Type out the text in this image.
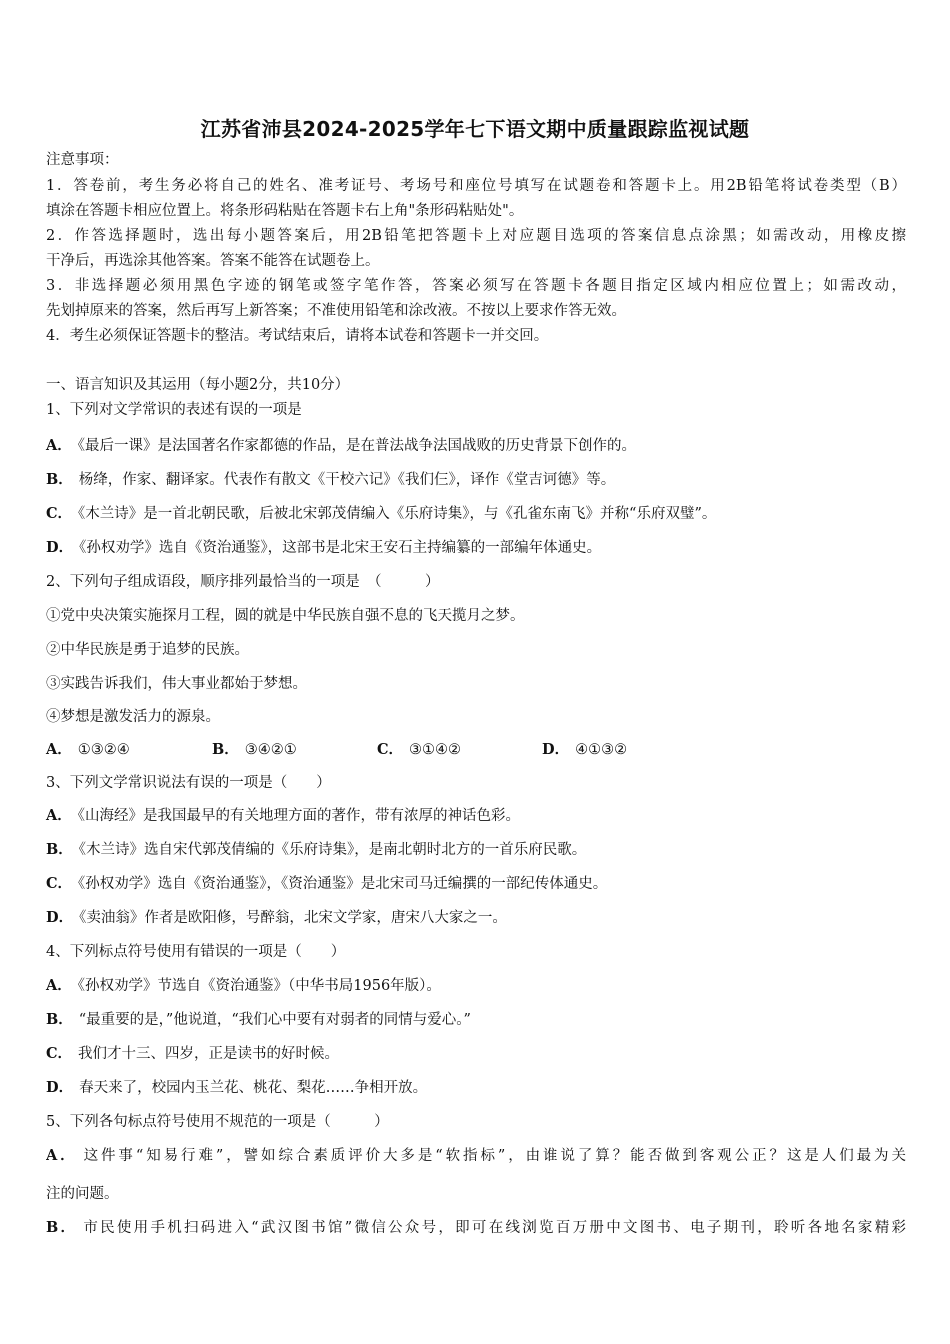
江苏省沛县2024-2025学年七下语文期中质量跟踪监视试题
注意事项：
1．答卷前，考生务必将自己的姓名、准考证号、考场号和座位号填写在试题卷和答题卡上。用2B铅笔将试卷类型（B）
填涂在答题卡相应位置上。将条形码粘贴在答题卡右上角"条形码粘贴处"。
2．作答选择题时，选出每小题答案后，用2B铅笔把答题卡上对应题目选项的答案信息点涂黑；如需改动，用橡皮擦
干净后，再选涂其他答案。答案不能答在试题卷上。
3．非选择题必须用黑色字迹的钢笔或签字笔作答，答案必须写在答题卡各题目指定区域内相应位置上；如需改动，
先划掉原来的答案，然后再写上新答案；不准使用铅笔和涂改液。不按以上要求作答无效。
4．考生必须保证答题卡的整洁。考试结束后，请将本试卷和答题卡一并交回。
一、语言知识及其运用（每小题2分，共10分）
1、下列对文学常识的表述有误的一项是
A． 《最后一课》是法国著名作家都德的作品，是在普法战争法国战败的历史背景下创作的。
B． 杨绛，作家、翻译家。代表作有散文《干校六记》《我们仨》，译作《堂吉诃德》等。
C． 《木兰诗》是一首北朝民歌，后被北宋郭茂倩编入《乐府诗集》，与《孔雀东南飞》并称“乐府双璧”。
D． 《孙权劝学》选自《资治通鉴》，这部书是北宋王安石主持编纂的一部编年体通史。
2、下列句子组成语段，顺序排列最恰当的一项是　（　　　）
①党中央决策实施探月工程，圆的就是中华民族自强不息的飞天揽月之梦。
②中华民族是勇于追梦的民族。
③实践告诉我们，伟大事业都始于梦想。
④梦想是激发活力的源泉。
A． ①③②④	B． ③④②①	C． ③①④②	D． ④①③②
3、下列文学常识说法有误的一项是（　　）
A． 《山海经》是我国最早的有关地理方面的著作，带有浓厚的神话色彩。
B． 《木兰诗》选自宋代郭茂倩编的《乐府诗集》，是南北朝时北方的一首乐府民歌。
C． 《孙权劝学》选自《资治通鉴》，《资治通鉴》是北宋司马迁编撰的一部纪传体通史。
D． 《卖油翁》作者是欧阳修，号醉翁，北宋文学家，唐宋八大家之一。
4、下列标点符号使用有错误的一项是（　　）
A． 《孙权劝学》节选自《资治通鉴》（中华书局1956年版）。
B． “最重要的是，”他说道，“我们心中要有对弱者的同情与爱心。”
C． 我们才十三、四岁，正是读书的好时候。
D． 春天来了，校园内玉兰花、桃花、梨花……争相开放。
5、下列各句标点符号使用不规范的一项是（　　　）
A． 这件事“知易行难”，譬如综合素质评价大多是“软指标”，由谁说了算？能否做到客观公正？这是人们最为关
注的问题。
B． 市民使用手机扫码进入“武汉图书馆”微信公众号，即可在线浏览百万册中文图书、电子期刊，聆听各地名家精彩
